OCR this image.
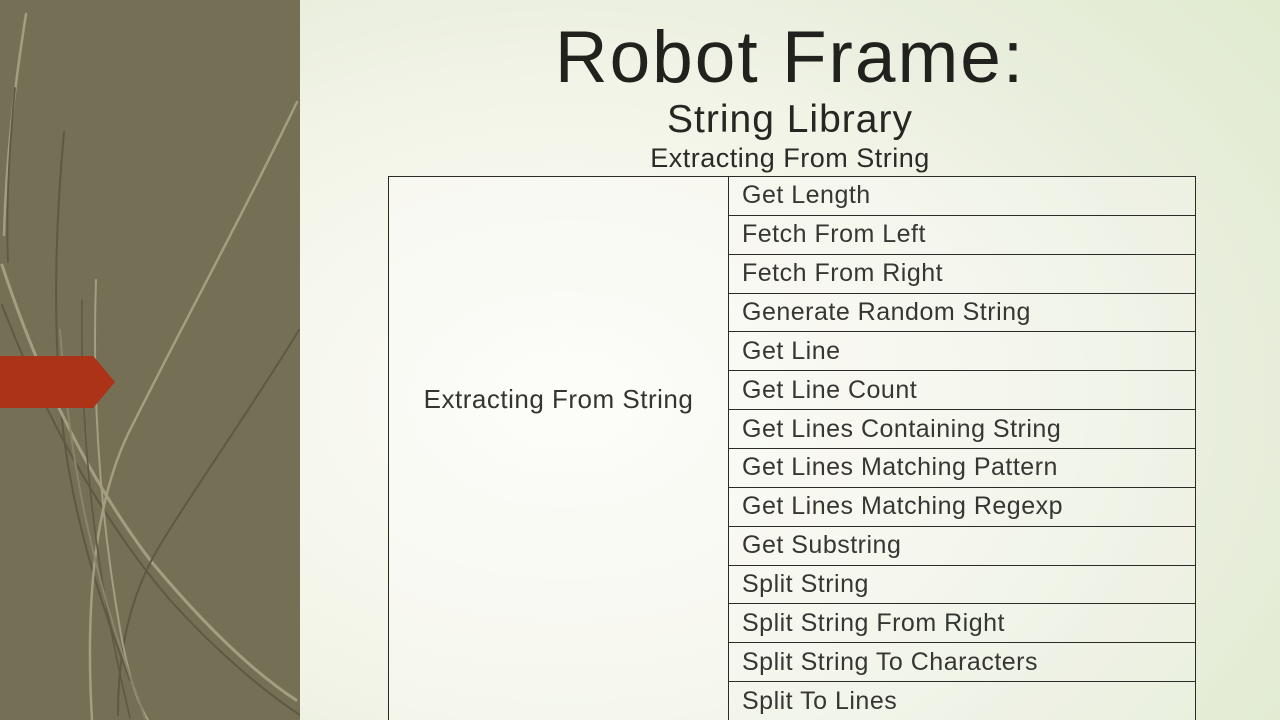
Robot Frame:
String Library
Extracting From String
Extracting From String
Get Length
Fetch From Left
Fetch From Right
Generate Random String
Get Line
Get Line Count
Get Lines Containing String
Get Lines Matching Pattern
Get Lines Matching Regexp
Get Substring
Split String
Split String From Right
Split String To Characters
Split To Lines
